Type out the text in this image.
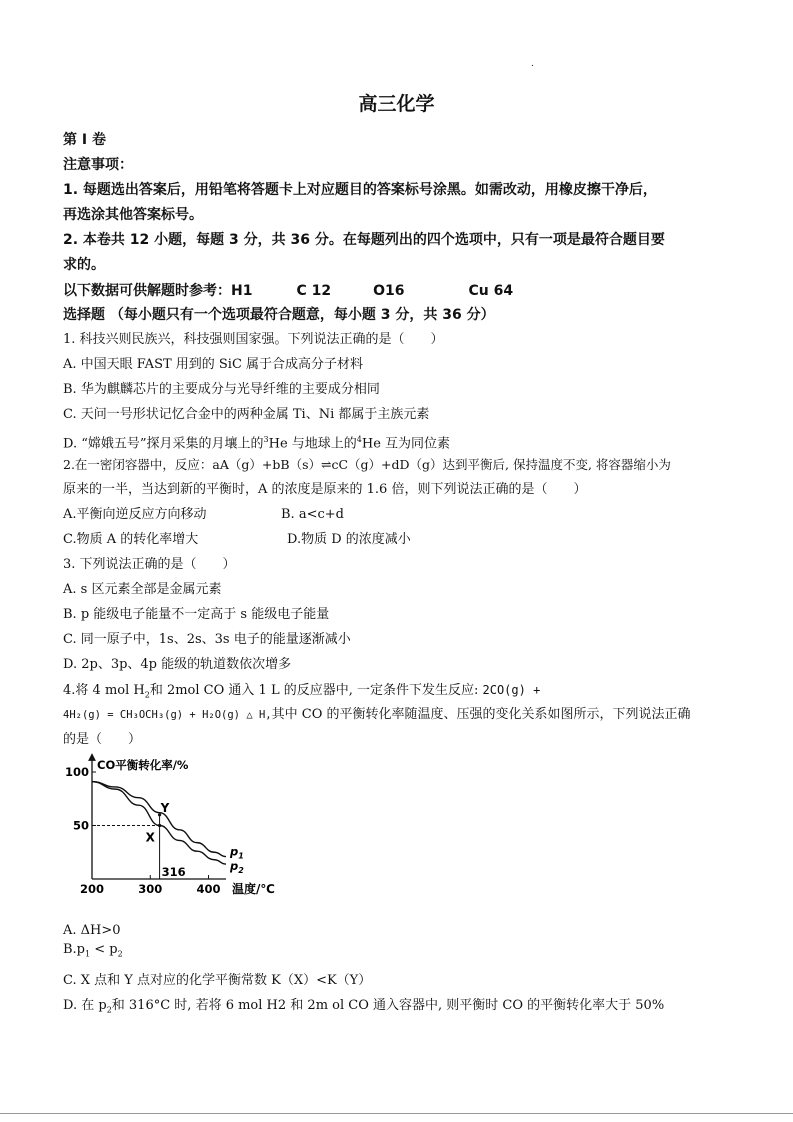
.
高三化学
第 I 卷
注意事项：
1. 每题选出答案后，用铅笔将答题卡上对应题目的答案标号涂黑。如需改动，用橡皮擦干净后，
再选涂其他答案标号。
2. 本卷共 12 小题，每题 3 分，共 36 分。在每题列出的四个选项中，只有一项是最符合题目要
求的。
以下数据可供解题时参考：H1	C 12	O16	Cu 64
选择题 （每小题只有一个选项最符合题意，每小题 3 分，共 36 分）
1. 科技兴则民族兴，科技强则国家强。下列说法正确的是（　　）
A. 中国天眼 FAST 用到的 SiC 属于合成高分子材料
B. 华为麒麟芯片的主要成分与光导纤维的主要成分相同
C. 天问一号形状记忆合金中的两种金属 Ti、Ni 都属于主族元素
D. “嫦娥五号”探月采集的月壤上的$^3$He 与地球上的$^4$He 互为同位素
2.在一密闭容器中，反应：aA（g）+bB（s）⇌cC（g）+dD（g）达到平衡后, 保持温度不变, 将容器缩小为
原来的一半，当达到新的平衡时，A 的浓度是原来的 1.6 倍，则下列说法正确的是（　　）
A.平衡向逆反应方向移动	B. a<c+d
C.物质 A 的转化率增大	D.物质 D 的浓度减小
3. 下列说法正确的是（　　）
A. s 区元素全部是金属元素
B. p 能级电子能量不一定高于 s 能级电子能量
C. 同一原子中，1s、2s、3s 电子的能量逐渐减小
D. 2p、3p、4p 能级的轨道数依次增多
4.将 4 mol $H_2$和 2mol CO 通入 1 L 的反应器中, 一定条件下发生反应: 2CO(g) +
4H₂(g) = CH₃OCH₃(g) + H₂O(g) △ H,其中 CO 的平衡转化率随温度、压强的变化关系如图所示，下列说法正确
的是（　　）
CO平衡转化率/%
100
50
200	300	400
$p_1$
$p_2$
316
X
Y
温度/℃
A. ΔH>0
$B.p_1 < p_2$
C. X 点和 Y 点对应的化学平衡常数 K（X）<K（Y）
D. 在 $p_2$和 316°C 时, 若将 6 mol H2 和 2m ol CO 通入容器中, 则平衡时 CO 的平衡转化率大于 50%
